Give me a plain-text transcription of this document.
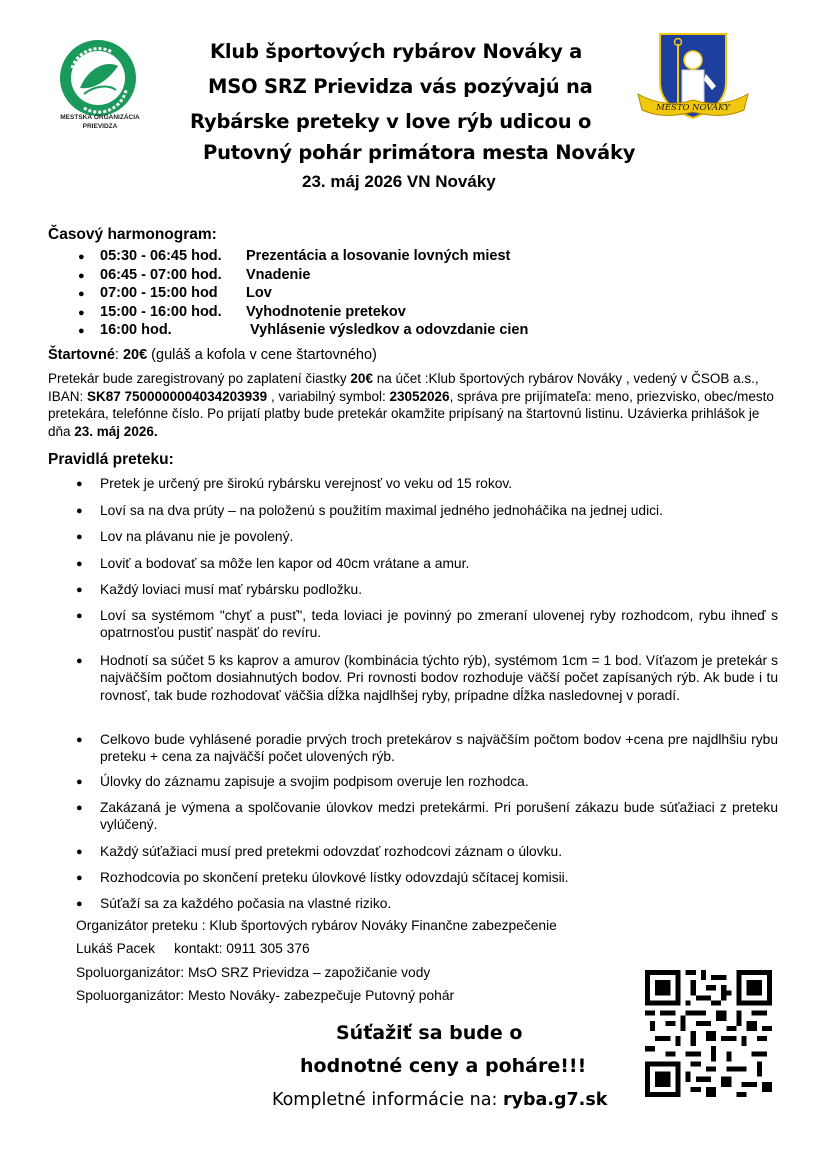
Klub športových rybárov Nováky a
MSO SRZ Prievidza vás pozývajú na
Rybárske preteky v love rýb udicou o
Putovný pohár primátora mesta Nováky
23. máj 2026 VN Nováky
MESTSKÁ ORGANIZÁCIA
PRIEVIDZA
MESTO NOVÁKY
Časový harmonogram:
●	05:30 - 06:45 hod.	Prezentácia a losovanie lovných miest
●	06:45 - 07:00 hod.	Vnadenie
●	07:00 - 15:00 hod	Lov
●	15:00 - 16:00 hod.	Vyhodnotenie pretekov
●	16:00 hod.	Vyhlásenie výsledkov a odovzdanie cien
Štartovné: 20€ (guláš a kofola v cene štartovného)
Pretekár bude zaregistrovaný po zaplatení čiastky 20€ na účet :Klub športových rybárov Nováky , vedený v ČSOB a.s., IBAN: SK87 7500000004034203939 , variabilný symbol: 23052026, správa pre prijímateľa: meno, priezvisko, obec/mesto pretekára, telefónne číslo. Po prijatí platby bude pretekár okamžite pripísaný na štartovnú listinu. Uzávierka prihlášok je dňa 23. máj 2026.
Pravidlá preteku:
●	Pretek je určený pre širokú rybársku verejnosť vo veku od 15 rokov.
●	Loví sa na dva prúty – na položenú s použitím maximal jedného jednoháčika na jednej udici.
●	Lov na plávanu nie je povolený.
●	Loviť a bodovať sa môže len kapor od 40cm vrátane a amur.
●	Každý loviaci musí mať rybársku podložku.
●	Loví sa systémom "chyť a pusť", teda loviaci je povinný po zmeraní ulovenej ryby rozhodcom, rybu ihneď s opatrnosťou pustiť naspäť do revíru.
●	Hodnotí sa súčet 5 ks kaprov a amurov (kombinácia týchto rýb), systémom 1cm = 1 bod. Víťazom je pretekár s najväčším počtom dosiahnutých bodov. Pri rovnosti bodov rozhoduje väčší počet zapísaných rýb. Ak bude i tu rovnosť, tak bude rozhodovať väčšia dĺžka najdlhšej ryby, prípadne dĺžka nasledovnej v poradí.
●	Celkovo bude vyhlásené poradie prvých troch pretekárov s najväčším počtom bodov +cena pre najdlhšiu rybu preteku + cena za najväčší počet ulovených rýb.
●	Úlovky do záznamu zapisuje a svojim podpisom overuje len rozhodca.
●	Zakázaná je výmena a spolčovanie úlovkov medzi pretekármi. Pri porušení zákazu bude súťažiaci z preteku vylúčený.
●	Každý súťažiaci musí pred pretekmi odovzdať rozhodcovi záznam o úlovku.
●	Rozhodcovia po skončení preteku úlovkové lístky odovzdajú sčítacej komisii.
●	Súťaží sa za každého počasia na vlastné riziko.
Organizátor preteku : Klub športových rybárov Nováky Finančne zabezpečenie
Lukáš Pacek     kontakt: 0911 305 376
Spoluorganizátor: MsO SRZ Prievidza – zapožičanie vody
Spoluorganizátor: Mesto Nováky- zabezpečuje Putovný pohár
Súťažiť sa bude o
hodnotné ceny a poháre!!!
Kompletné informácie na: ryba.g7.sk
